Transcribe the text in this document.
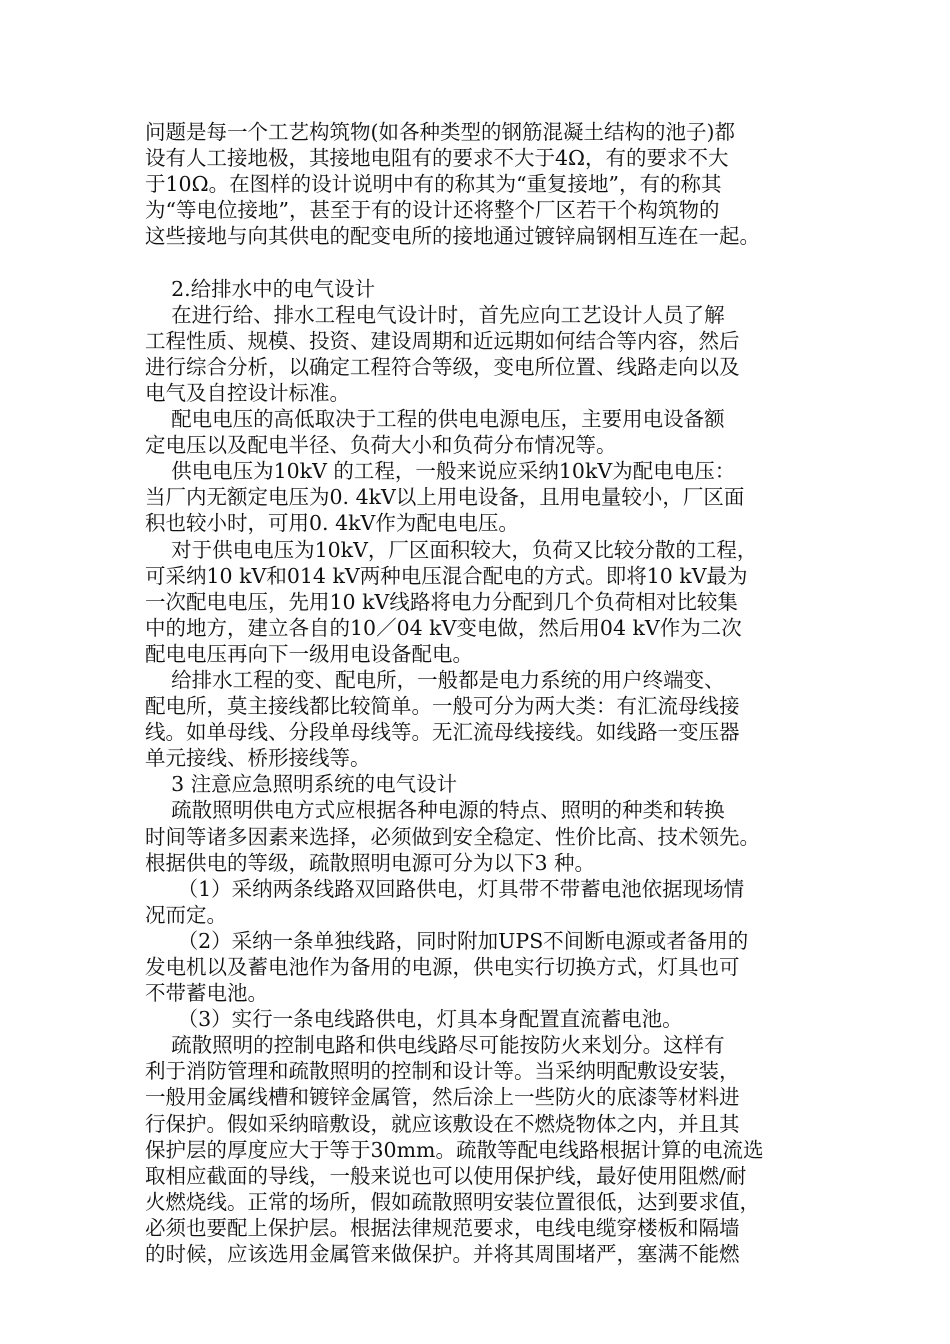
问题是每一个工艺构筑物(如各种类型的钢筋混凝土结构的池子)都
设有人工接地极，其接地电阻有的要求不大于4Ω，有的要求不大
于10Ω。在图样的设计说明中有的称其为“重复接地”，有的称其
为“等电位接地”，甚至于有的设计还将整个厂区若干个构筑物的
这些接地与向其供电的配变电所的接地通过镀锌扁钢相互连在一起。
2.给排水中的电气设计
在进行给、排水工程电气设计时，首先应向工艺设计人员了解
工程性质、规模、投资、建设周期和近远期如何结合等内容，然后
进行综合分析，以确定工程符合等级，变电所位置、线路走向以及
电气及自控设计标准。
配电电压的高低取决于工程的供电电源电压，主要用电设备额
定电压以及配电半径、负荷大小和负荷分布情况等。
供电电压为10kV 的工程，一般来说应采纳10kV为配电电压：
当厂内无额定电压为0. 4kV以上用电设备，且用电量较小，厂区面
积也较小时，可用0. 4kV作为配电电压。
对于供电电压为10kV，厂区面积较大，负荷又比较分散的工程，
可采纳10 kV和014 kV两种电压混合配电的方式。即将10 kV最为
一次配电电压，先用10 kV线路将电力分配到几个负荷相对比较集
中的地方，建立各自的10／04 kV变电做，然后用04 kV作为二次
配电电压再向下一级用电设备配电。
给排水工程的变、配电所，一般都是电力系统的用户终端变、
配电所，莫主接线都比较简单。一般可分为两大类：有汇流母线接
线。如单母线、分段单母线等。无汇流母线接线。如线路一变压器
单元接线、桥形接线等。
3 注意应急照明系统的电气设计
疏散照明供电方式应根据各种电源的特点、照明的种类和转换
时间等诸多因素来选择，必须做到安全稳定、性价比高、技术领先。
根据供电的等级，疏散照明电源可分为以下3 种。
（1）采纳两条线路双回路供电，灯具带不带蓄电池依据现场情
况而定。
（2）采纳一条单独线路，同时附加UPS不间断电源或者备用的
发电机以及蓄电池作为备用的电源，供电实行切换方式，灯具也可
不带蓄电池。
（3）实行一条电线路供电，灯具本身配置直流蓄电池。
疏散照明的控制电路和供电线路尽可能按防火来划分。这样有
利于消防管理和疏散照明的控制和设计等。当采纳明配敷设安装，
一般用金属线槽和镀锌金属管，然后涂上一些防火的底漆等材料进
行保护。假如采纳暗敷设，就应该敷设在不燃烧物体之内，并且其
保护层的厚度应大于等于30mm。疏散等配电线路根据计算的电流选
取相应截面的导线，一般来说也可以使用保护线，最好使用阻燃/耐
火燃烧线。正常的场所，假如疏散照明安装位置很低，达到要求值，
必须也要配上保护层。根据法律规范要求，电线电缆穿楼板和隔墙
的时候，应该选用金属管来做保护。并将其周围堵严，塞满不能燃
